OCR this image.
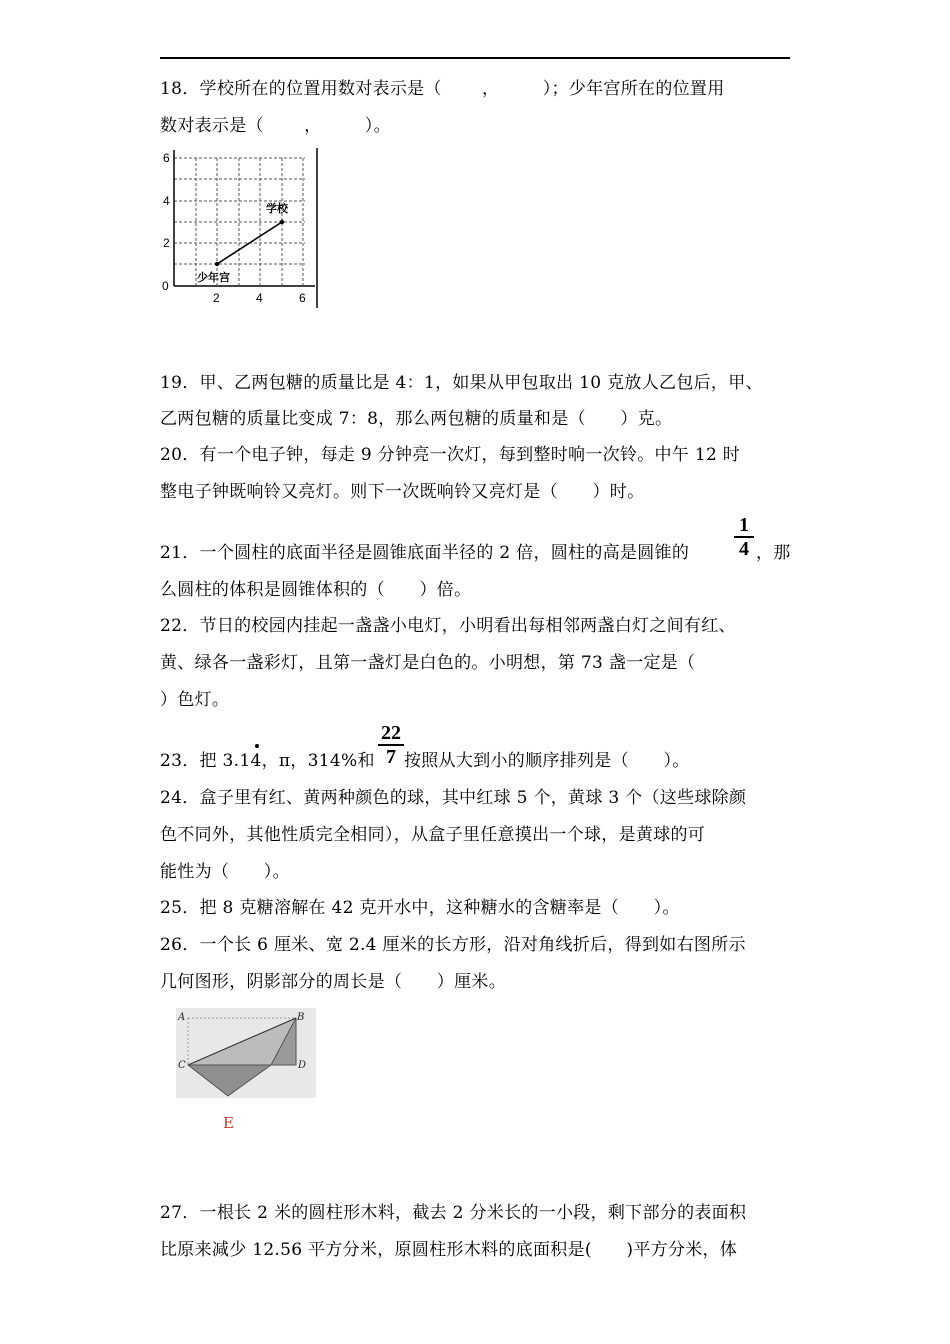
18．学校所在的位置用数对表示是（　　 ，　　　）；少年宫所在的位置用
数对表示是（　　 ，　　　）。
6
4
2
0
2	4	6
学校
少年宫
19．甲、乙两包糖的质量比是 4：1，如果从甲包取出 10 克放人乙包后，甲、
乙两包糖的质量比变成 7：8，那么两包糖的质量和是（　　）克。
20．有一个电子钟，每走 9 分钟亮一次灯，每到整时响一次铃。中午 12 时
整电子钟既响铃又亮灯。则下一次既响铃又亮灯是（　　）时。
21．一个圆柱的底面半径是圆锥底面半径的 2 倍，圆柱的高是圆锥的 $\frac{1}{4}$ ，那
么圆柱的体积是圆锥体积的（　　）倍。
22．节日的校园内挂起一盏盏小电灯，小明看出每相邻两盏白灯之间有红、
黄、绿各一盏彩灯，且第一盏灯是白色的。小明想，第 73 盏一定是（
）色灯。
23．把 3.14，π，314%和 $\frac{22}{7}$ 按照从大到小的顺序排列是（　　）。
24．盒子里有红、黄两种颜色的球，其中红球 5 个，黄球 3 个（这些球除颜
色不同外，其他性质完全相同），从盒子里任意摸出一个球，是黄球的可
能性为（　　）。
25．把 8 克糖溶解在 42 克开水中，这种糖水的含糖率是（　　）。
26．一个长 6 厘米、宽 2.4 厘米的长方形，沿对角线折后，得到如右图所示
几何图形，阴影部分的周长是（　　）厘米。
A	B
C	D
E
27．一根长 2 米的圆柱形木料，截去 2 分米长的一小段，剩下部分的表面积
比原来减少 12.56 平方分米，原圆柱形木料的底面积是(　　)平方分米，体
